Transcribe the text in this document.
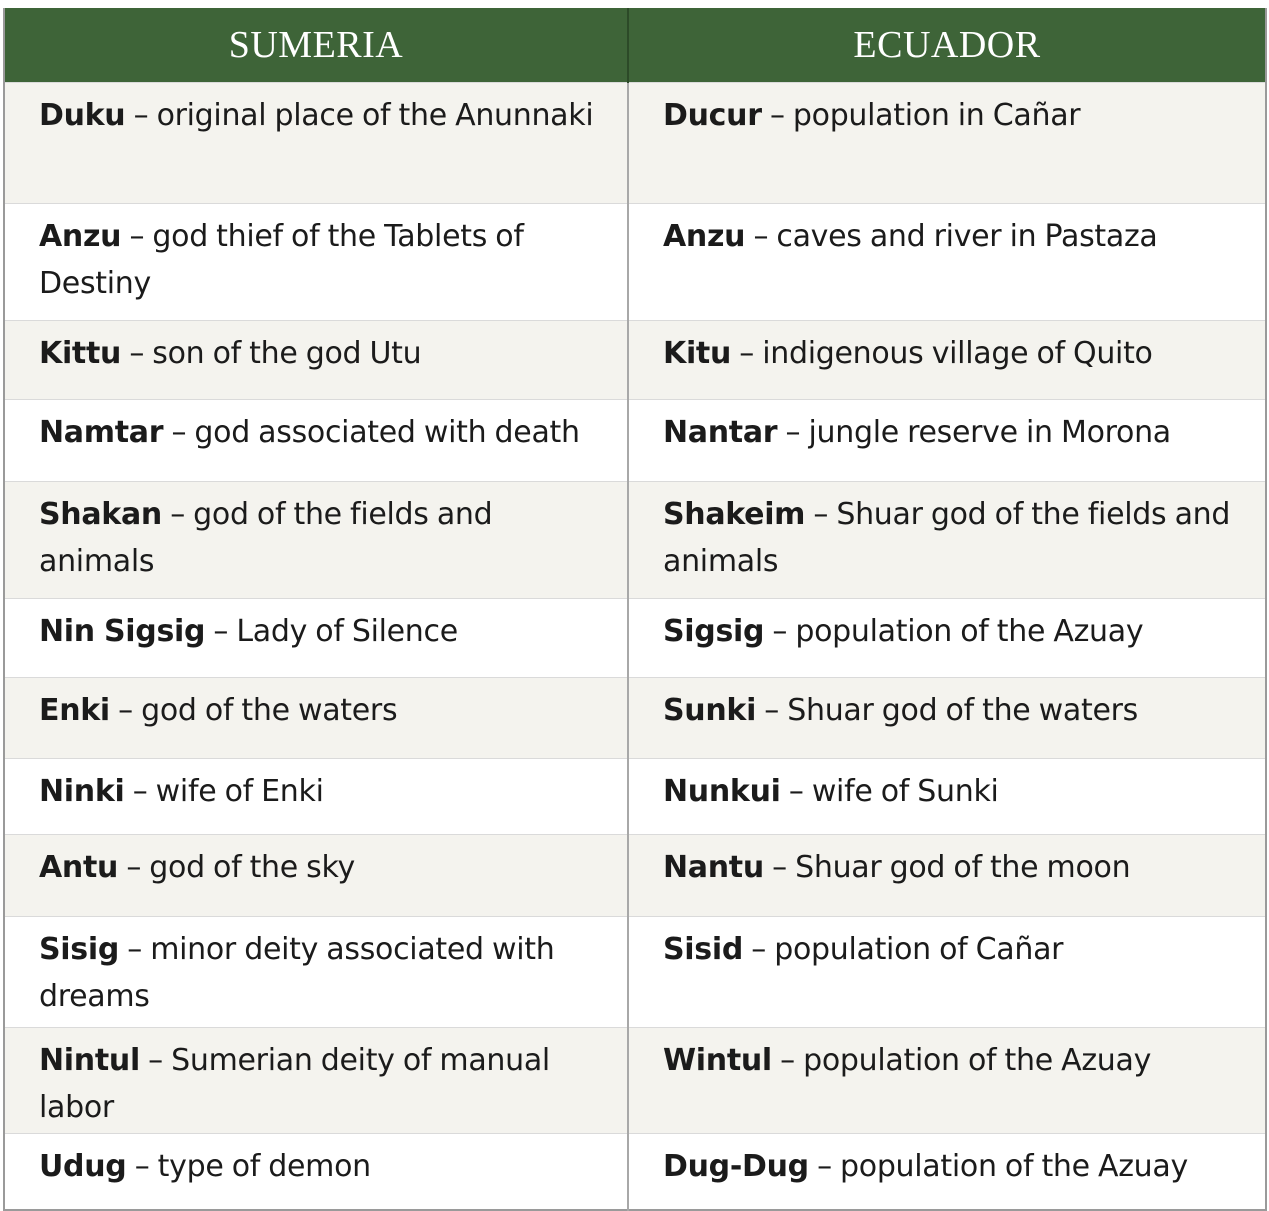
SUMERIA	ECUADOR
Duku – original place of the Anunnaki	Ducur – population in Cañar
Anzu – god thief of the Tablets of Destiny	Anzu – caves and river in Pastaza
Kittu – son of the god Utu	Kitu – indigenous village of Quito
Namtar – god associated with death	Nantar – jungle reserve in Morona
Shakan – god of the fields and animals	Shakeim – Shuar god of the fields and animals
Nin Sigsig – Lady of Silence	Sigsig – population of the Azuay
Enki – god of the waters	Sunki – Shuar god of the waters
Ninki – wife of Enki	Nunkui – wife of Sunki
Antu – god of the sky	Nantu – Shuar god of the moon
Sisig – minor deity associated with dreams	Sisid – population of Cañar
Nintul – Sumerian deity of manual labor	Wintul – population of the Azuay
Udug – type of demon	Dug-Dug – population of the Azuay
